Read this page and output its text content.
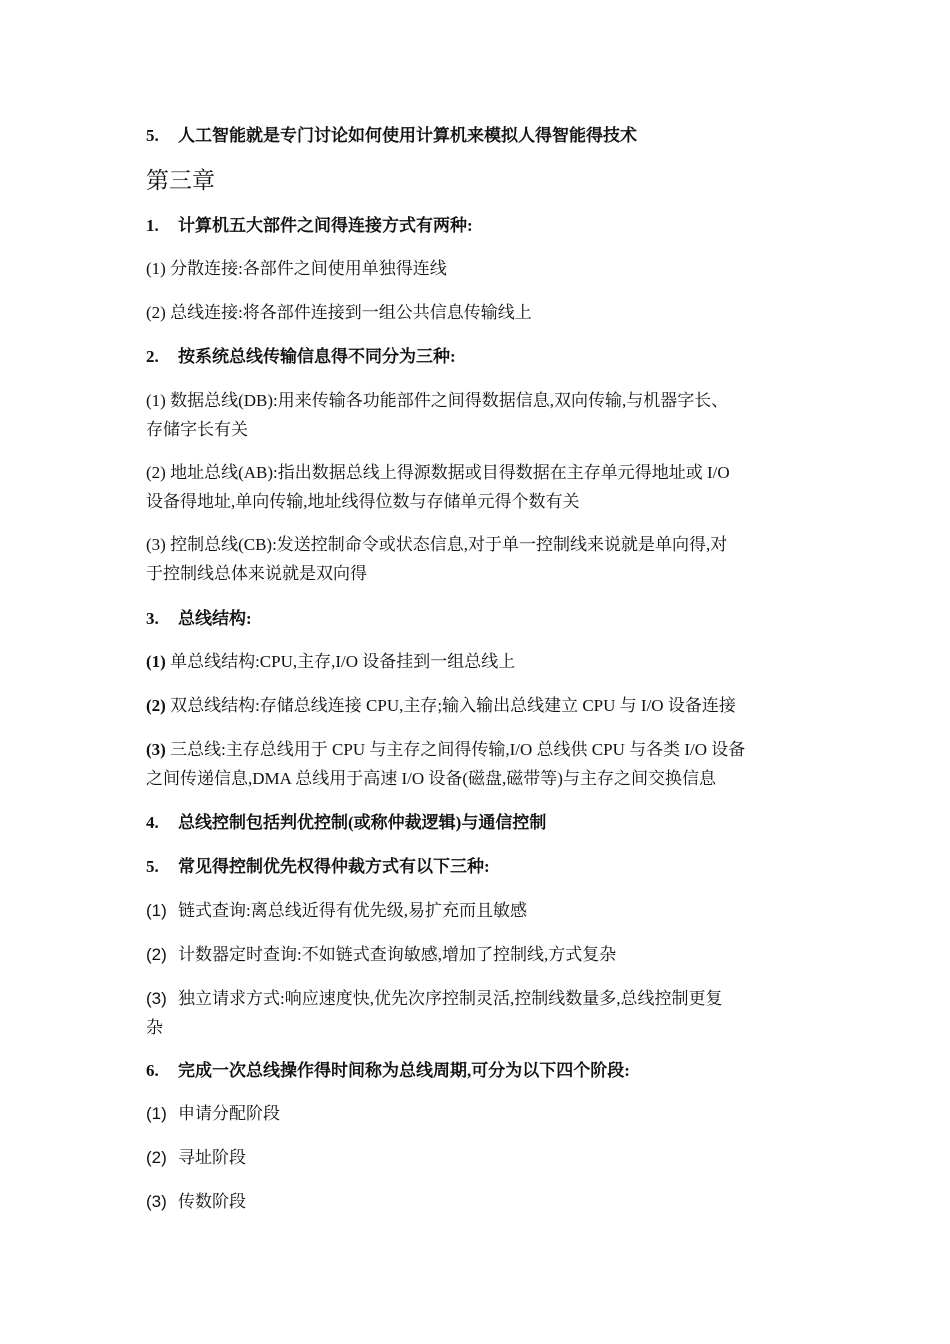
5. 人工智能就是专门讨论如何使用计算机来模拟人得智能得技术

第三章

1. 计算机五大部件之间得连接方式有两种:

(1) 分散连接:各部件之间使用单独得连线

(2) 总线连接:将各部件连接到一组公共信息传输线上

2. 按系统总线传输信息得不同分为三种:

(1) 数据总线(DB):用来传输各功能部件之间得数据信息,双向传输,与机器字长、

存储字长有关

(2) 地址总线(AB):指出数据总线上得源数据或目得数据在主存单元得地址或 I/O

设备得地址,单向传输,地址线得位数与存储单元得个数有关

(3) 控制总线(CB):发送控制命令或状态信息,对于单一控制线来说就是单向得,对

于控制线总体来说就是双向得

3. 总线结构:

(1) 单总线结构:CPU,主存,I/O 设备挂到一组总线上

(2) 双总线结构:存储总线连接 CPU,主存;输入输出总线建立 CPU 与 I/O 设备连接

(3) 三总线:主存总线用于 CPU 与主存之间得传输,I/O 总线供 CPU 与各类 I/O 设备

之间传递信息,DMA 总线用于高速 I/O 设备(磁盘,磁带等)与主存之间交换信息

4. 总线控制包括判优控制(或称仲裁逻辑)与通信控制

5. 常见得控制优先权得仲裁方式有以下三种:

(1) 链式查询:离总线近得有优先级,易扩充而且敏感

(2) 计数器定时查询:不如链式查询敏感,增加了控制线,方式复杂

(3) 独立请求方式:响应速度快,优先次序控制灵活,控制线数量多,总线控制更复

杂

6. 完成一次总线操作得时间称为总线周期,可分为以下四个阶段:

(1) 申请分配阶段

(2) 寻址阶段

(3) 传数阶段
